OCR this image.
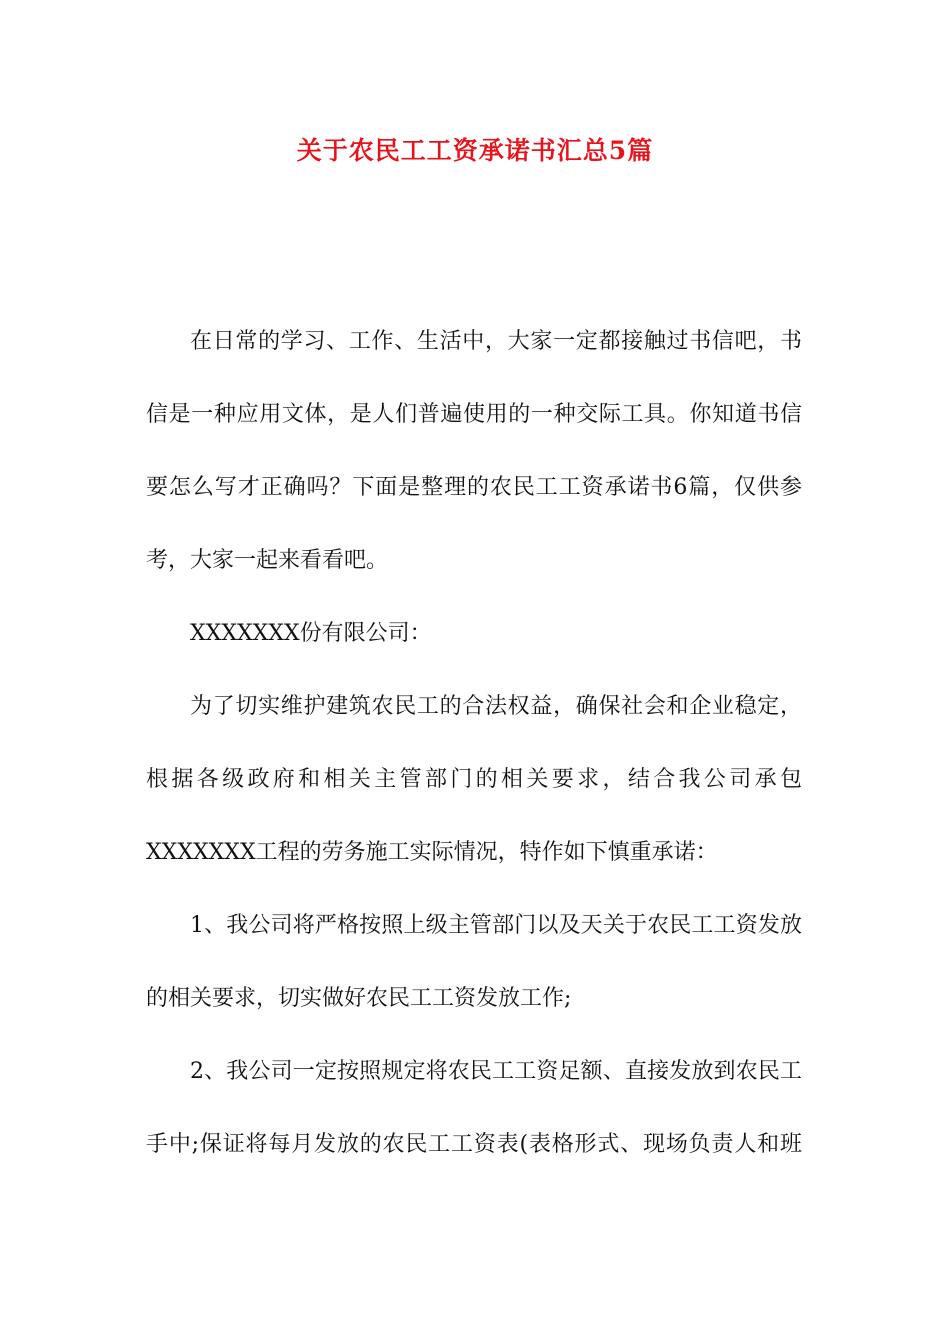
关于农民工工资承诺书汇总5篇
在日常的学习、工作、生活中，大家一定都接触过书信吧，书
信是一种应用文体，是人们普遍使用的一种交际工具。你知道书信
要怎么写才正确吗？下面是整理的农民工工资承诺书6篇，仅供参
考，大家一起来看看吧。
XXXXXXX份有限公司：
为了切实维护建筑农民工的合法权益，确保社会和企业稳定，
根据各级政府和相关主管部门的相关要求，结合我公司承包
XXXXXXX工程的劳务施工实际情况，特作如下慎重承诺：
1、我公司将严格按照上级主管部门以及天关于农民工工资发放
的相关要求，切实做好农民工工资发放工作;
2、我公司一定按照规定将农民工工资足额、直接发放到农民工
手中;保证将每月发放的农民工工资表(表格形式、现场负责人和班
